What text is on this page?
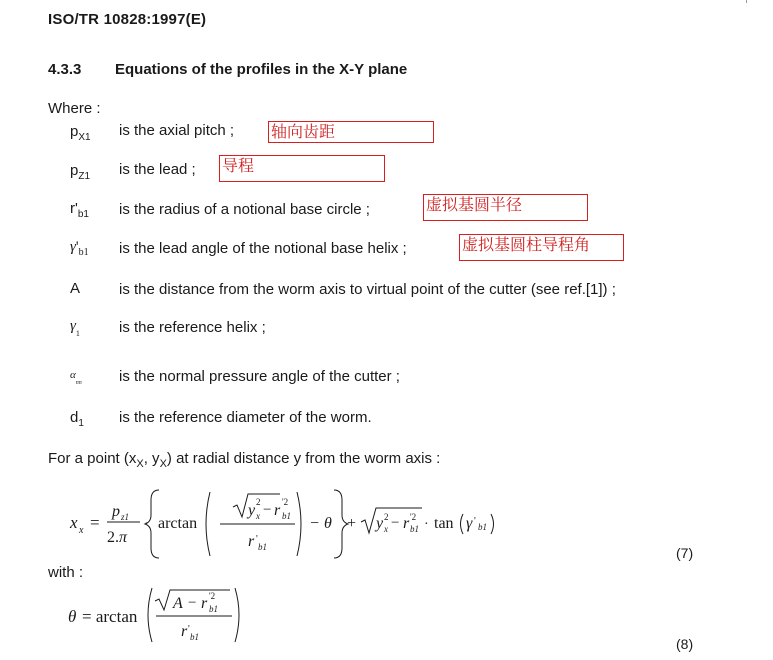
ISO/TR 10828:1997(E)
4.3.3 Equations of the profiles in the X-Y plane
Where :
$p_{X1}$ is the axial pitch ; 轴向齿距
$p_{Z1}$ is the lead ; 导程
$r'_{b1}$ is the radius of a notional base circle ;	虚拟基圆半径
$\gamma'_{b1}$ is the lead angle of the notional base helix ;	虚拟基圆柱导程角
A	is the distance from the worm axis to virtual point of the cutter (see ref.[1]) ;
$\gamma_1$	is the reference helix ;
$\alpha_{nn}$ is the normal pressure angle of the cutter ;
$d_1$ is the reference diameter of the worm.
For a point ($x_X$, $y_X$) at radial distance y from the worm axis :
x x =
p z1
2.π
· arctan
y 2
x − r '2
b1
r '
b1
− θ + y 2
x − r '2
b1 · tan γ ' b1
(7)
with :
θ = arctan
A − r '2
b1
r '
b1	(8)
